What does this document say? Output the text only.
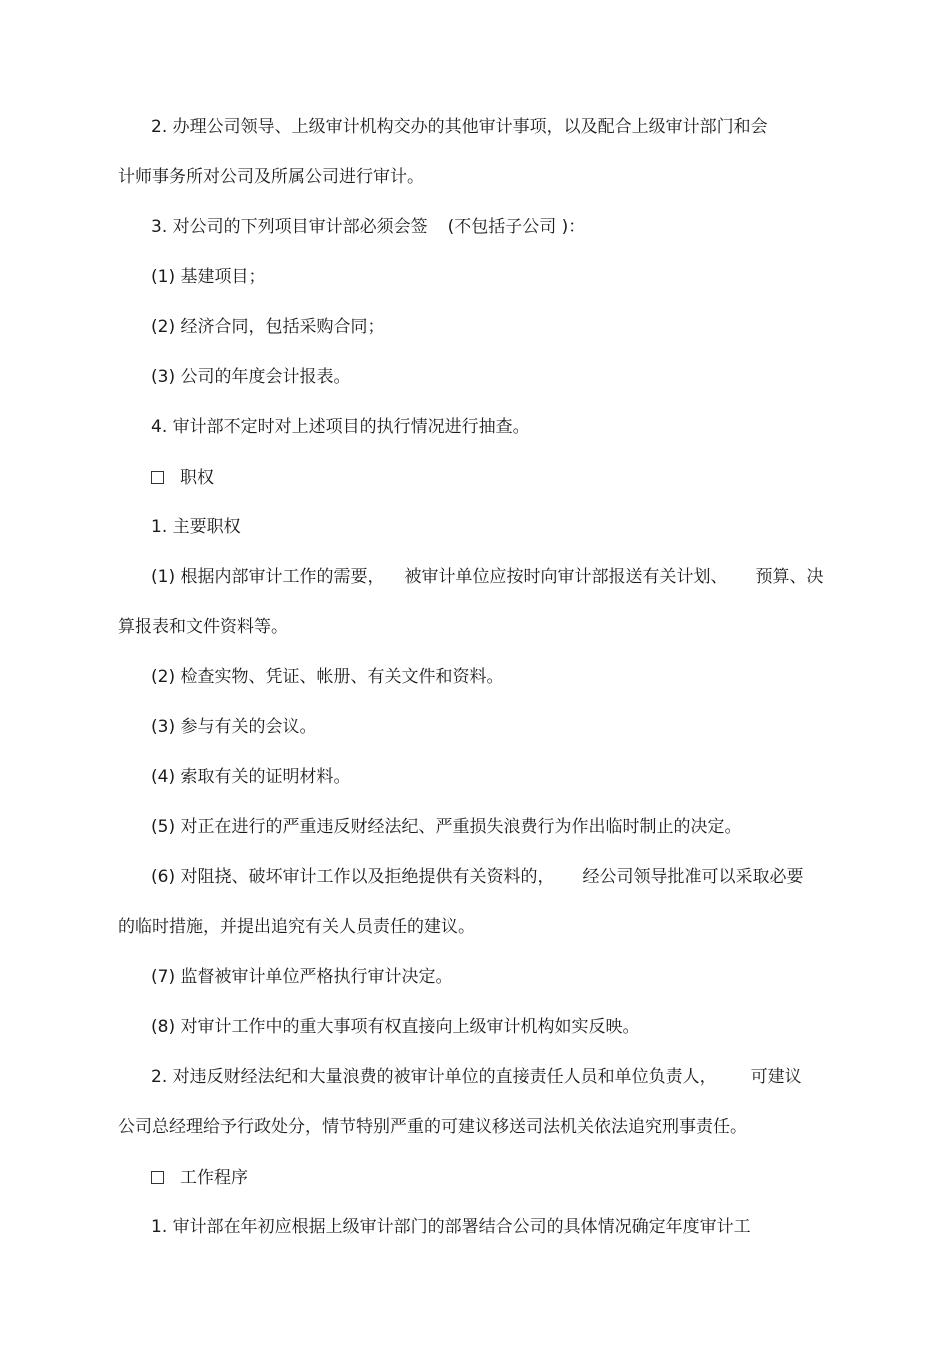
2. 办理公司领导、上级审计机构交办的其他审计事项，以及配合上级审计部门和会
计师事务所对公司及所属公司进行审计。
3. 对公司的下列项目审计部必须会签 (不包括子公司 )：
(1) 基建项目；
(2) 经济合同，包括采购合同；
(3) 公司的年度会计报表。
4. 审计部不定时对上述项目的执行情况进行抽查。
职权
1. 主要职权
(1) 根据内部审计工作的需要， 被审计单位应按时向审计部报送有关计划、 预算、决
算报表和文件资料等。
(2) 检查实物、凭证、帐册、有关文件和资料。
(3) 参与有关的会议。
(4) 索取有关的证明材料。
(5) 对正在进行的严重违反财经法纪、严重损失浪费行为作出临时制止的决定。
(6) 对阻挠、破坏审计工作以及拒绝提供有关资料的， 经公司领导批准可以采取必要
的临时措施，并提出追究有关人员责任的建议。
(7) 监督被审计单位严格执行审计决定。
(8) 对审计工作中的重大事项有权直接向上级审计机构如实反映。
2. 对违反财经法纪和大量浪费的被审计单位的直接责任人员和单位负责人， 可建议
公司总经理给予行政处分，情节特别严重的可建议移送司法机关依法追究刑事责任。
工作程序
1. 审计部在年初应根据上级审计部门的部署结合公司的具体情况确定年度审计工
